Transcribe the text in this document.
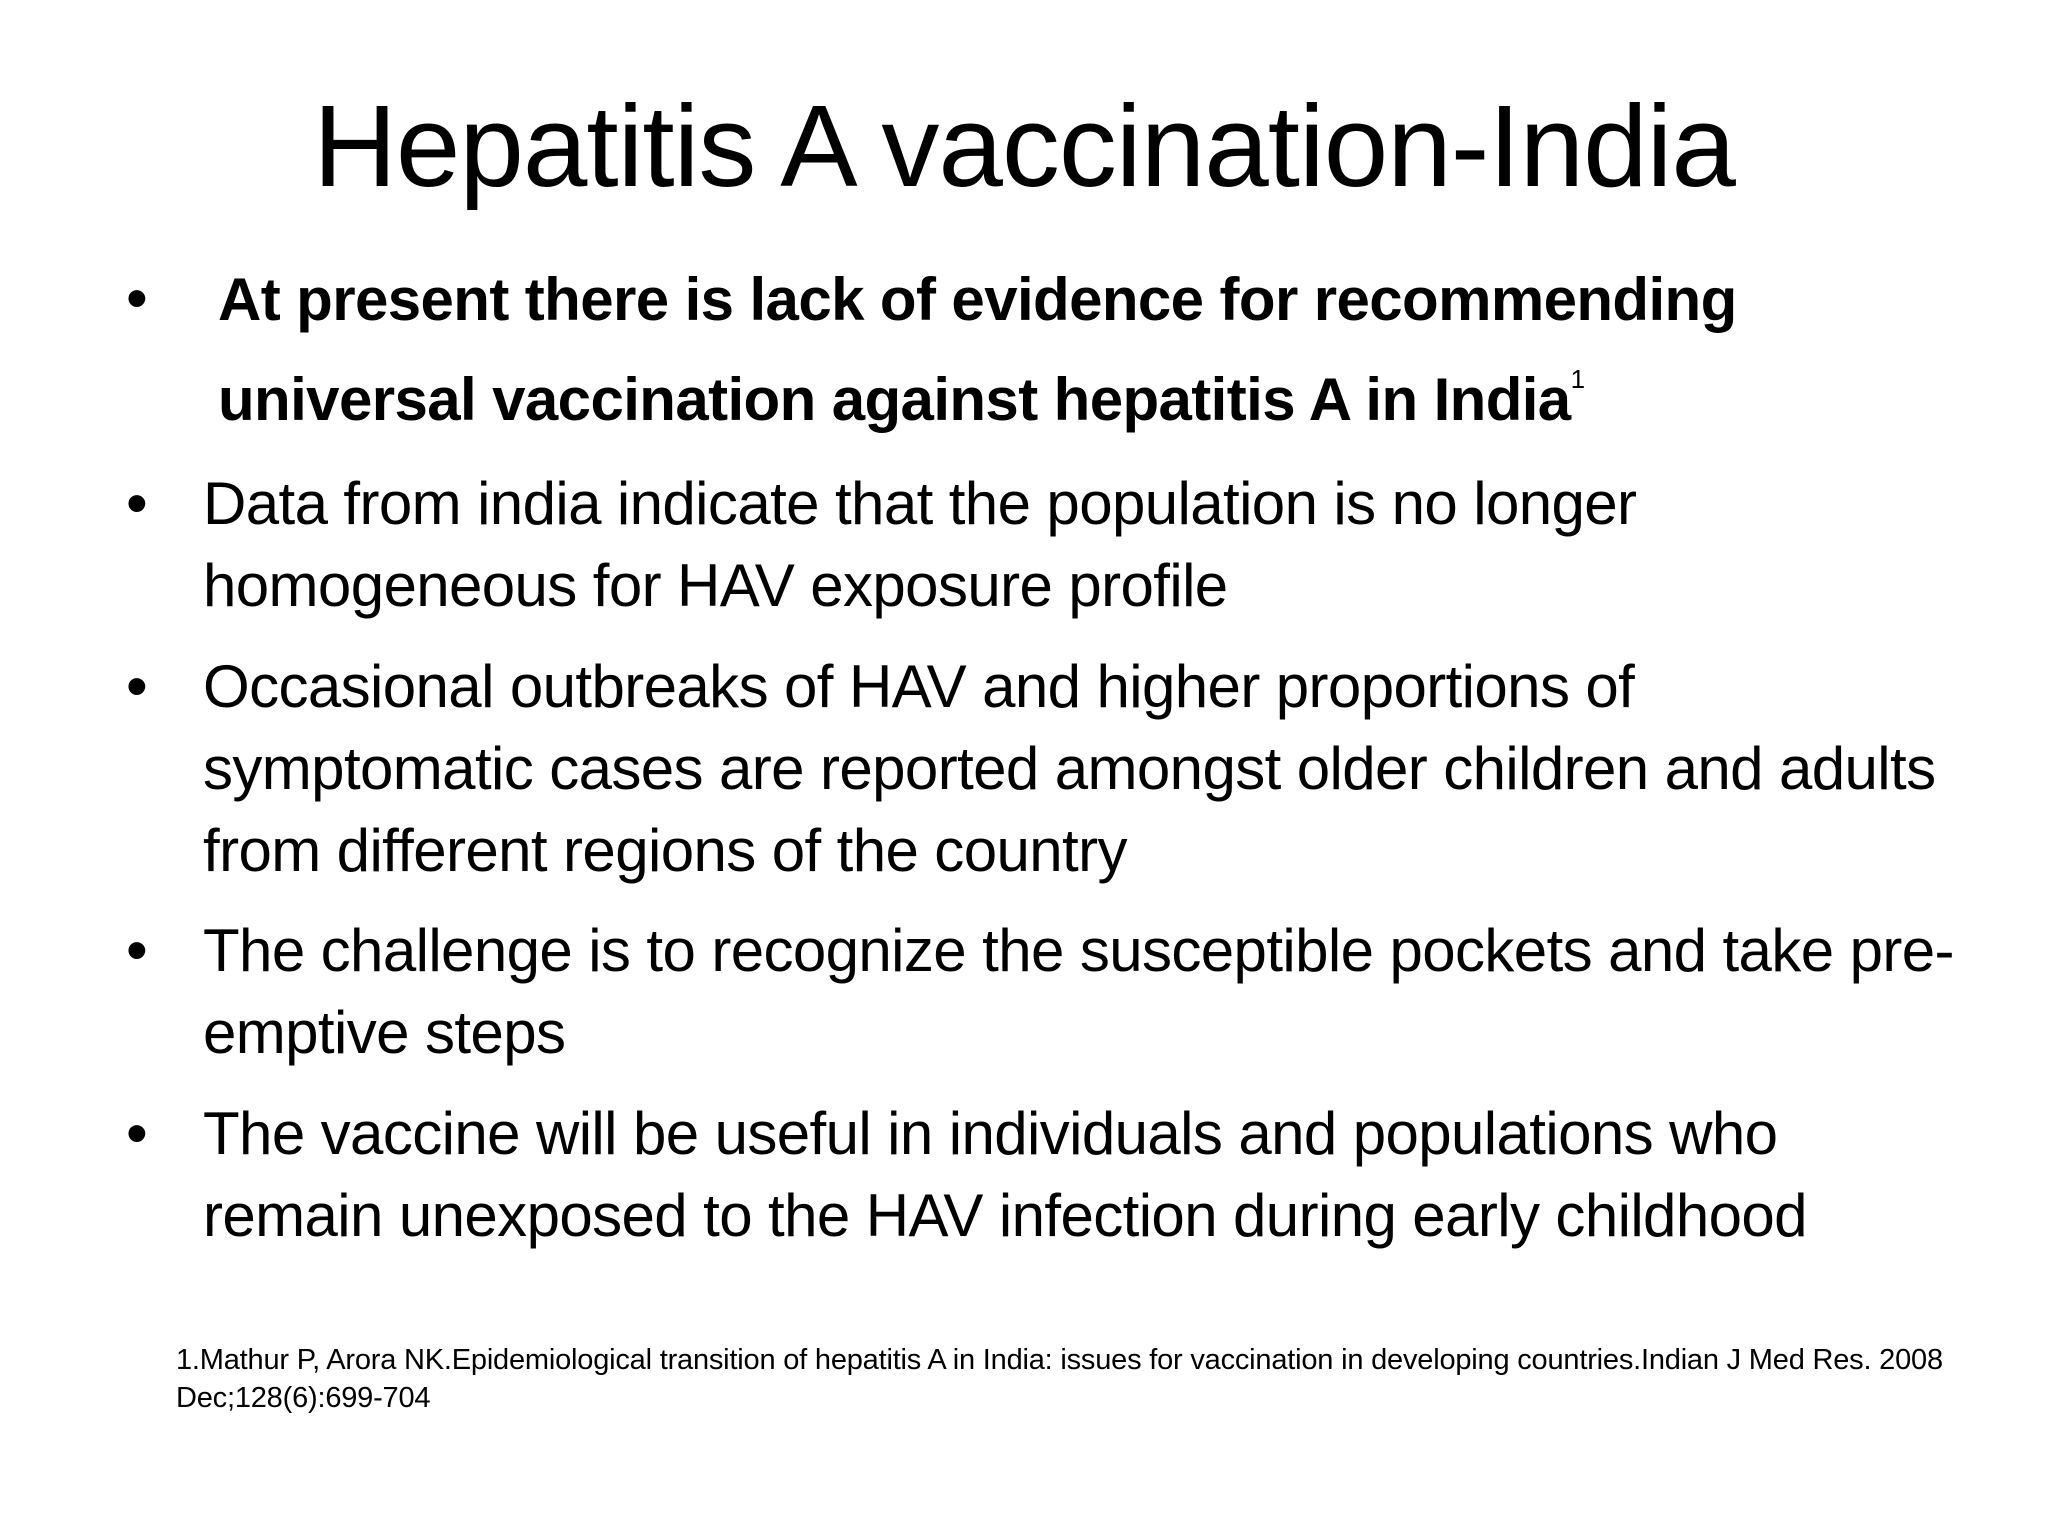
Hepatitis A vaccination-India
• At present there is lack of evidence for recommending universal vaccination against hepatitis A in India$^1$
• Data from india indicate that the population is no longer homogeneous for HAV exposure profile
• Occasional outbreaks of HAV and higher proportions of symptomatic cases are reported amongst older children and adults from different regions of the country
• The challenge is to recognize the susceptible pockets and take pre-emptive steps
• The vaccine will be useful in individuals and populations who remain unexposed to the HAV infection during early childhood
1.Mathur P, Arora NK.Epidemiological transition of hepatitis A in India: issues for vaccination in developing countries.Indian J Med Res. 2008 Dec;128(6):699-704
